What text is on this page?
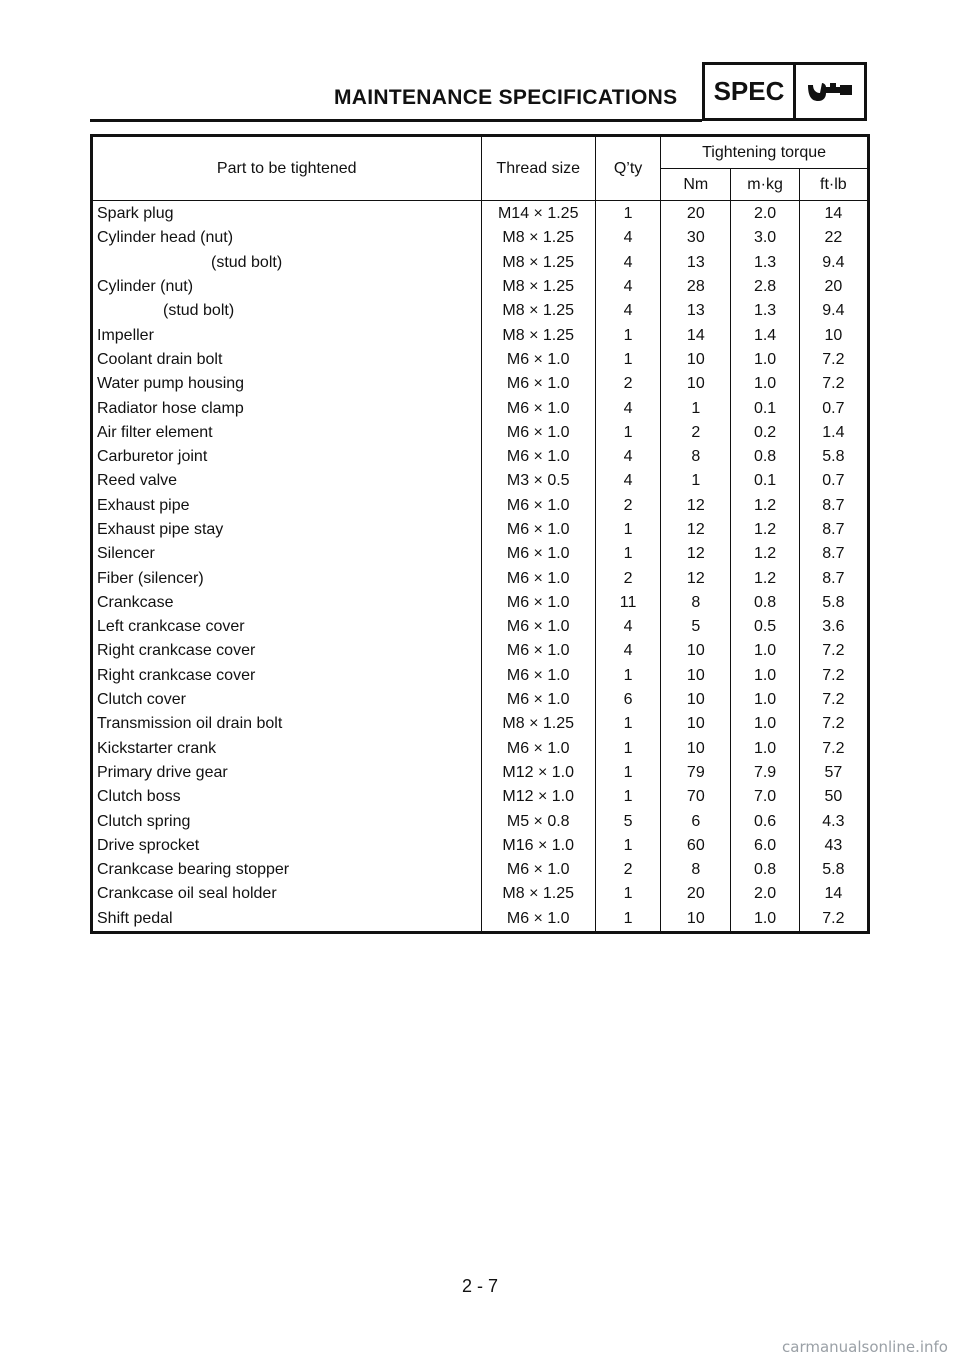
MAINTENANCE SPECIFICATIONS	SPEC
Part to be tightened	Thread size	Q’ty	Tightening torque		
			Nm	m·kg	ft·lb
Spark plug	M14 × 1.25	1	20	2.0	14
Cylinder head (nut)	M8 × 1.25	4	30	3.0	22
(stud bolt)	M8 × 1.25	4	13	1.3	9.4
Cylinder (nut)	M8 × 1.25	4	28	2.8	20
(stud bolt)	M8 × 1.25	4	13	1.3	9.4
Impeller	M8 × 1.25	1	14	1.4	10
Coolant drain bolt	M6 × 1.0	1	10	1.0	7.2
Water pump housing	M6 × 1.0	2	10	1.0	7.2
Radiator hose clamp	M6 × 1.0	4	1	0.1	0.7
Air filter element	M6 × 1.0	1	2	0.2	1.4
Carburetor joint	M6 × 1.0	4	8	0.8	5.8
Reed valve	M3 × 0.5	4	1	0.1	0.7
Exhaust pipe	M6 × 1.0	2	12	1.2	8.7
Exhaust pipe stay	M6 × 1.0	1	12	1.2	8.7
Silencer	M6 × 1.0	1	12	1.2	8.7
Fiber (silencer)	M6 × 1.0	2	12	1.2	8.7
Crankcase	M6 × 1.0	11	8	0.8	5.8
Left crankcase cover	M6 × 1.0	4	5	0.5	3.6
Right crankcase cover	M6 × 1.0	4	10	1.0	7.2
Right crankcase cover	M6 × 1.0	1	10	1.0	7.2
Clutch cover	M6 × 1.0	6	10	1.0	7.2
Transmission oil drain bolt	M8 × 1.25	1	10	1.0	7.2
Kickstarter crank	M6 × 1.0	1	10	1.0	7.2
Primary drive gear	M12 × 1.0	1	79	7.9	57
Clutch boss	M12 × 1.0	1	70	7.0	50
Clutch spring	M5 × 0.8	5	6	0.6	4.3
Drive sprocket	M16 × 1.0	1	60	6.0	43
Crankcase bearing stopper	M6 × 1.0	2	8	0.8	5.8
Crankcase oil seal holder	M8 × 1.25	1	20	2.0	14
Shift pedal	M6 × 1.0	1	10	1.0	7.2
2 - 7
carmanualsonline.info
